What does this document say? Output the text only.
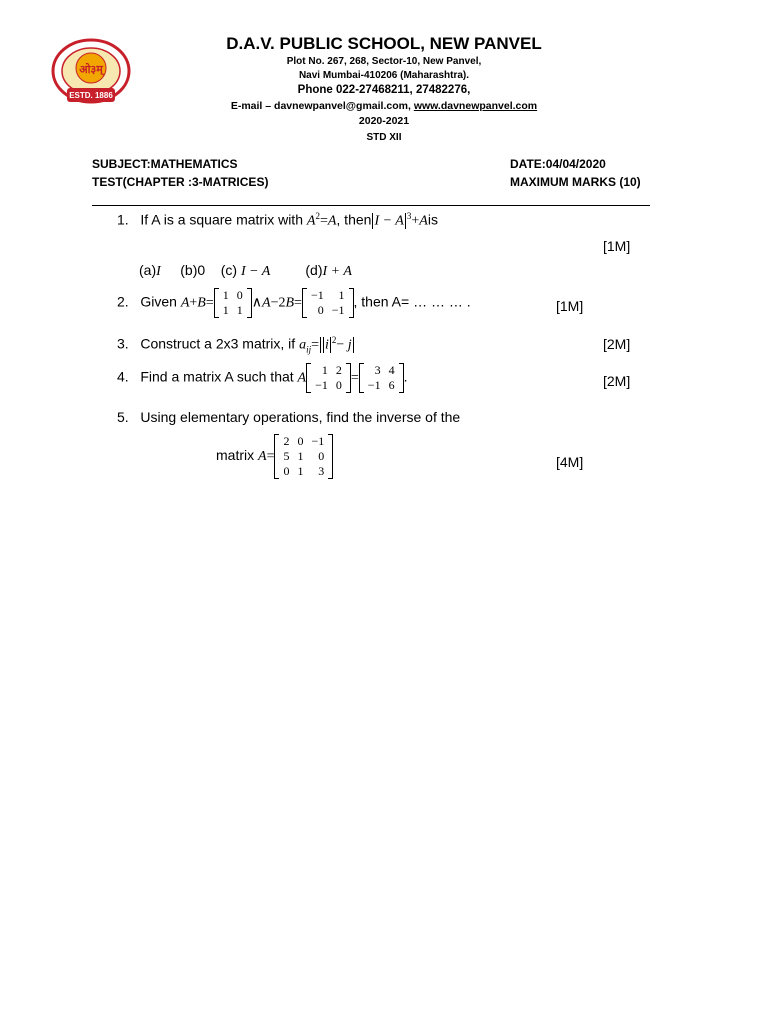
ओ३म्
ESTD. 1886
D.A.V. PUBLIC SCHOOL, NEW PANVEL
Plot No. 267, 268, Sector-10, New Panvel,
Navi Mumbai-410206 (Maharashtra).
Phone 022-27468211, 27482276,
E-mail – davnewpanvel@gmail.com, www.davnewpanvel.com
2020-2021
STD XII
SUBJECT:MATHEMATICS	DATE:04/04/2020
TEST(CHAPTER :3-MATRICES)	MAXIMUM MARKS (10)
1. If A is a square matrix with $A^2=A$, then I − A $^3$+Ais
[1M]
(a)I (b)0 (c) I − A	(d)I + A
2. Given A+B=
1	0
1	1 ∧A−2B=
−1	1
0	−1
, then A= … … … .	[1M]
3. Construct a 2x3 matrix, if $a_{ij}= i$ $^2$− j	[2M]
4. Find a matrix A such that A
1	2
−1	0 =
3	4
−1	6
.	[2M]
5. Using elementary operations, find the inverse of the
matrix A=
2	0	−1
5	1	0
0	1	3
[4M]
